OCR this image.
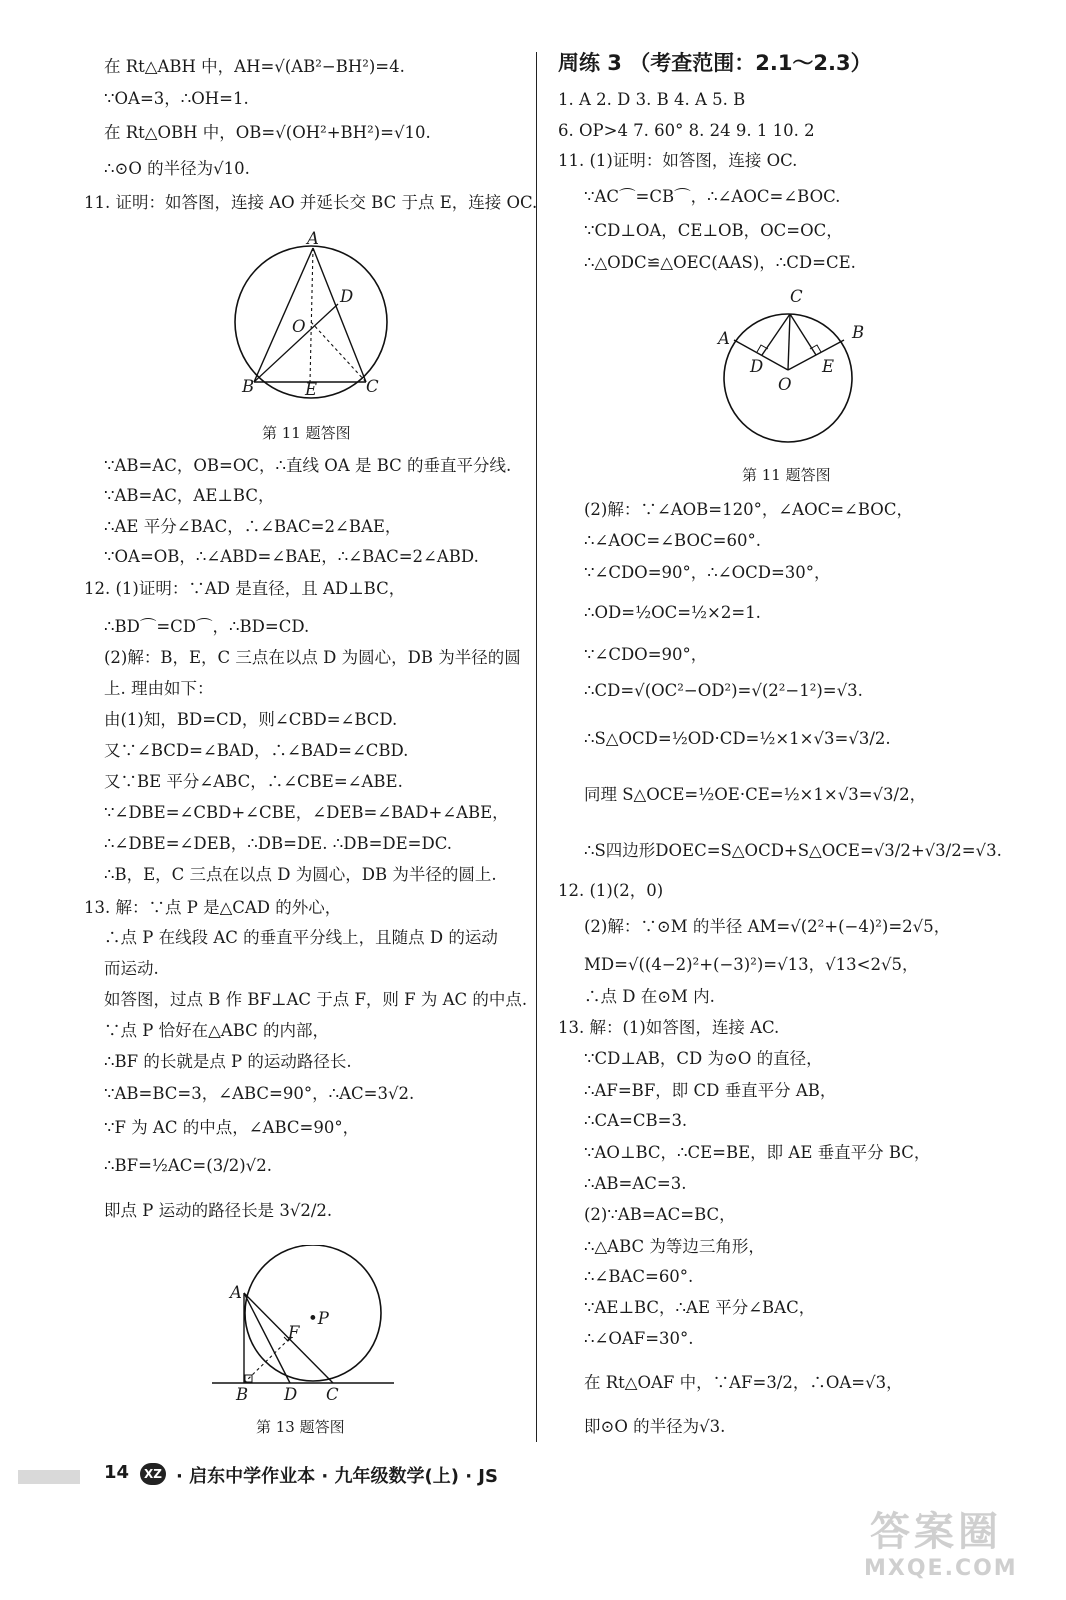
在 Rt△ABH 中，AH=√(AB²−BH²)=4.
∵OA=3，∴OH=1.
在 Rt△OBH 中，OB=√(OH²+BH²)=√10.
∴⊙O 的半径为√10.
11. 证明：如答图，连接 AO 并延长交 BC 于点 E，连接 OC.
A
D
O
B	E	C
第 11 题答图
∵AB=AC，OB=OC，∴直线 OA 是 BC 的垂直平分线.
∵AB=AC，AE⊥BC，
∴AE 平分∠BAC，∴∠BAC=2∠BAE，
∵OA=OB，∴∠ABD=∠BAE，∴∠BAC=2∠ABD.
12. (1)证明：∵AD 是直径，且 AD⊥BC，
∴BD⌒=CD⌒，∴BD=CD.
(2)解：B，E，C 三点在以点 D 为圆心，DB 为半径的圆
上. 理由如下：
由(1)知，BD=CD，则∠CBD=∠BCD.
又∵∠BCD=∠BAD，∴∠BAD=∠CBD.
又∵BE 平分∠ABC，∴∠CBE=∠ABE.
∵∠DBE=∠CBD+∠CBE，∠DEB=∠BAD+∠ABE，
∴∠DBE=∠DEB，∴DB=DE. ∴DB=DE=DC.
∴B，E，C 三点在以点 D 为圆心，DB 为半径的圆上.
13. 解：∵点 P 是△CAD 的外心，
∴点 P 在线段 AC 的垂直平分线上，且随点 D 的运动
而运动.
如答图，过点 B 作 BF⊥AC 于点 F，则 F 为 AC 的中点.
∵点 P 恰好在△ABC 的内部，
∴BF 的长就是点 P 的运动路径长.
∵AB=BC=3，∠ABC=90°，∴AC=3√2.
∵F 为 AC 的中点，∠ABC=90°，
∴BF=½AC=(3/2)√2.
即点 P 运动的路径长是 3√2/2.
A
F
•P
B D C
第 13 题答图
周练 3 （考查范围：2.1～2.3）
1. A 2. D 3. B 4. A 5. B
6. OP>4 7. 60° 8. 24 9. 1 10. 2
11. (1)证明：如答图，连接 OC.
∵AC⌒=CB⌒，∴∠AOC=∠BOC.
∵CD⊥OA，CE⊥OB，OC=OC，
∴△ODC≌△OEC(AAS)，∴CD=CE.
C
A	B
D	E
O
第 11 题答图
(2)解：∵∠AOB=120°，∠AOC=∠BOC，
∴∠AOC=∠BOC=60°.
∵∠CDO=90°，∴∠OCD=30°，
∴OD=½OC=½×2=1.
∵∠CDO=90°，
∴CD=√(OC²−OD²)=√(2²−1²)=√3.
∴S△OCD=½OD·CD=½×1×√3=√3/2.
同理 S△OCE=½OE·CE=½×1×√3=√3/2，
∴S四边形DOEC=S△OCD+S△OCE=√3/2+√3/2=√3.
12. (1)(2，0)
(2)解：∵⊙M 的半径 AM=√(2²+(−4)²)=2√5，
MD=√((4−2)²+(−3)²)=√13，√13<2√5，
∴点 D 在⊙M 内.
13. 解：(1)如答图，连接 AC.
∵CD⊥AB，CD 为⊙O 的直径，
∴AF=BF，即 CD 垂直平分 AB，
∴CA=CB=3.
∵AO⊥BC，∴CE=BE，即 AE 垂直平分 BC，
∴AB=AC=3.
(2)∵AB=AC=BC，
∴△ABC 为等边三角形，
∴∠BAC=60°.
∵AE⊥BC，∴AE 平分∠BAC，
∴∠OAF=30°.
在 Rt△OAF 中，∵AF=3/2，∴OA=√3，
即⊙O 的半径为√3.
14	XZ · 启东中学作业本 · 九年级数学(上) · JS
答案圈
MXQE.COM
